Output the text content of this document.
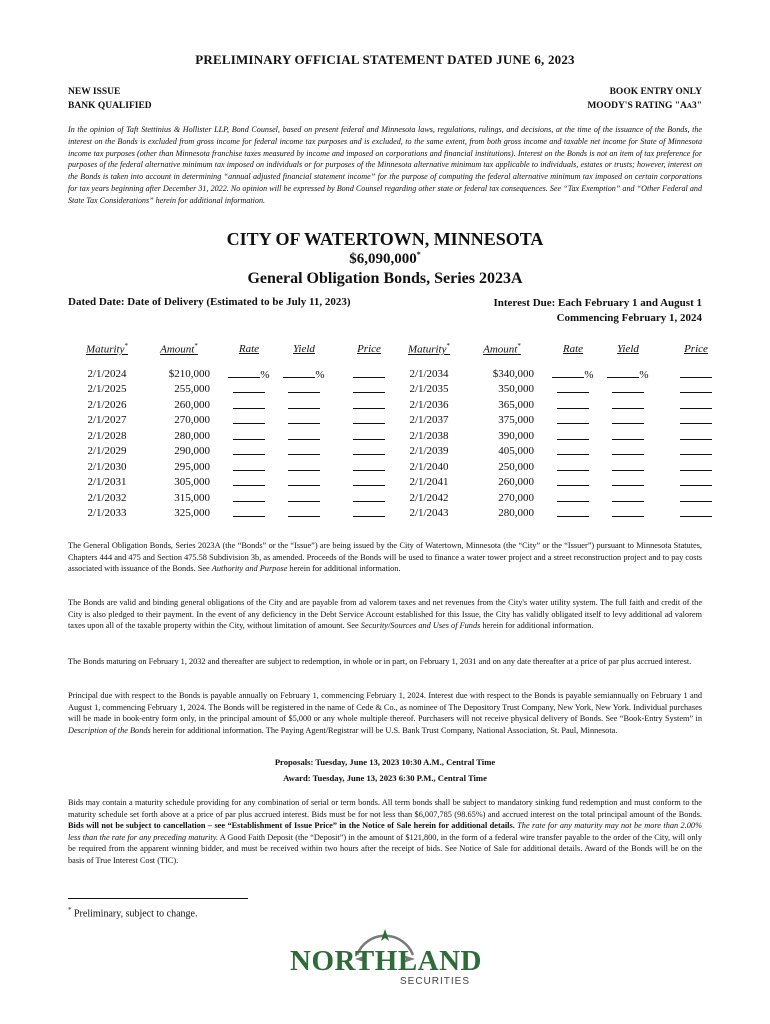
PRELIMINARY OFFICIAL STATEMENT DATED JUNE 6, 2023
NEW ISSUE
BANK QUALIFIED
BOOK ENTRY ONLY
MOODY'S RATING "Aa3"
In the opinion of Taft Stettinius & Hollister LLP, Bond Counsel, based on present federal and Minnesota laws, regulations, rulings, and decisions, at the time of the issuance of the Bonds, the interest on the Bonds is excluded from gross income for federal income tax purposes and is excluded, to the same extent, from both gross income and taxable net income for State of Minnesota income tax purposes (other than Minnesota franchise taxes measured by income and imposed on corporations and financial institutions). Interest on the Bonds is not an item of tax preference for purposes of the federal alternative minimum tax imposed on individuals or for purposes of the Minnesota alternative minimum tax applicable to individuals, estates or trusts; however, interest on the Bonds is taken into account in determining “annual adjusted financial statement income” for the purpose of computing the federal alternative minimum tax imposed on certain corporations for tax years beginning after December 31, 2022. No opinion will be expressed by Bond Counsel regarding other state or federal tax consequences. See “Tax Exemption” and “Other Federal and State Tax Considerations” herein for additional information.
CITY OF WATERTOWN, MINNESOTA
$6,090,000*
General Obligation Bonds, Series 2023A
Dated Date: Date of Delivery (Estimated to be July 11, 2023)	Interest Due: Each February 1 and August 1
Commencing February 1, 2024
Maturity*	Amount*	Rate	Yield	Price
2/1/2024	$210,000	%	%	
2/1/2025	255,000			
2/1/2026	260,000			
2/1/2027	270,000			
2/1/2028	280,000			
2/1/2029	290,000			
2/1/2030	295,000			
2/1/2031	305,000			
2/1/2032	315,000			
2/1/2033	325,000			
Maturity*	Amount*	Rate	Yield	Price
2/1/2034	$340,000	%	%	
2/1/2035	350,000			
2/1/2036	365,000			
2/1/2037	375,000			
2/1/2038	390,000			
2/1/2039	405,000			
2/1/2040	250,000			
2/1/2041	260,000			
2/1/2042	270,000			
2/1/2043	280,000			
The General Obligation Bonds, Series 2023A (the “Bonds” or the “Issue”) are being issued by the City of Watertown, Minnesota (the “City” or the “Issuer”) pursuant to Minnesota Statutes, Chapters 444 and 475 and Section 475.58 Subdivision 3b, as amended. Proceeds of the Bonds will be used to finance a water tower project and a street reconstruction project and to pay costs associated with issuance of the Bonds. See Authority and Purpose herein for additional information.
The Bonds are valid and binding general obligations of the City and are payable from ad valorem taxes and net revenues from the City's water utility system. The full faith and credit of the City is also pledged to their payment. In the event of any deficiency in the Debt Service Account established for this Issue, the City has validly obligated itself to levy additional ad valorem taxes upon all of the taxable property within the City, without limitation of amount. See Security/Sources and Uses of Funds herein for additional information.
The Bonds maturing on February 1, 2032 and thereafter are subject to redemption, in whole or in part, on February 1, 2031 and on any date thereafter at a price of par plus accrued interest.
Principal due with respect to the Bonds is payable annually on February 1, commencing February 1, 2024. Interest due with respect to the Bonds is payable semiannually on February 1 and August 1, commencing February 1, 2024. The Bonds will be registered in the name of Cede & Co., as nominee of The Depository Trust Company, New York, New York. Individual purchases will be made in book-entry form only, in the principal amount of $5,000 or any whole multiple thereof. Purchasers will not receive physical delivery of Bonds. See “Book-Entry System” in Description of the Bonds herein for additional information. The Paying Agent/Registrar will be U.S. Bank Trust Company, National Association, St. Paul, Minnesota.
Proposals: Tuesday, June 13, 2023 10:30 A.M., Central Time
Award: Tuesday, June 13, 2023 6:30 P.M., Central Time
Bids may contain a maturity schedule providing for any combination of serial or term bonds. All term bonds shall be subject to mandatory sinking fund redemption and must conform to the maturity schedule set forth above at a price of par plus accrued interest. Bids must be for not less than $6,007,785 (98.65%) and accrued interest on the total principal amount of the Bonds. Bids will not be subject to cancellation – see “Establishment of Issue Price” in the Notice of Sale herein for additional details. The rate for any maturity may not be more than 2.00% less than the rate for any preceding maturity. A Good Faith Deposit (the “Deposit”) in the amount of $121,800, in the form of a federal wire transfer payable to the order of the City, will only be required from the apparent winning bidder, and must be received within two hours after the receipt of bids. See Notice of Sale for additional details. Award of the Bonds will be on the basis of True Interest Cost (TIC).
* Preliminary, subject to change.
NORTHLAND
SECURITIES
